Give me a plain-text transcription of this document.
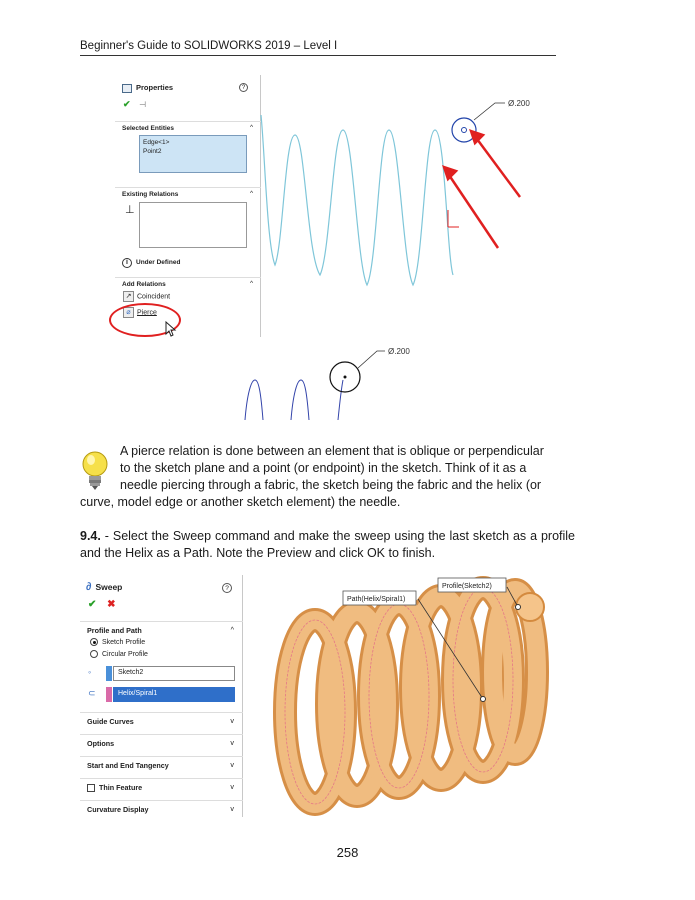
Beginner's Guide to SOLIDWORKS 2019 – Level I
Properties	?
✔ ⊣
Selected Entities	^
Edge<1>
Point2
Existing Relations	^
⊥
i Under Defined
Add Relations	^
↗ Coincident
⌀ Pierce
Ø.200
Ø.200
A pierce relation is done between an element that is oblique or perpendicular
to the sketch plane and a point (or endpoint) in the sketch. Think of it as a
needle piercing through a fabric, the sketch being the fabric and the helix (or
curve, model edge or another sketch element) the needle.
9.4. - Select the Sweep command and make the sweep using the last sketch as a profile and the Helix as a Path. Note the Preview and click OK to finish.
∂ Sweep	?
✔ ✖
Profile and Path	^
Sketch Profile
Circular Profile
◦	Sketch2
⊂	Helix/Spiral1
Guide Curves	v
Options	v
Start and End Tangency	v
Thin Feature	v
Curvature Display	v
Profile(Sketch2)
Path(Helix/Spiral1)
258
